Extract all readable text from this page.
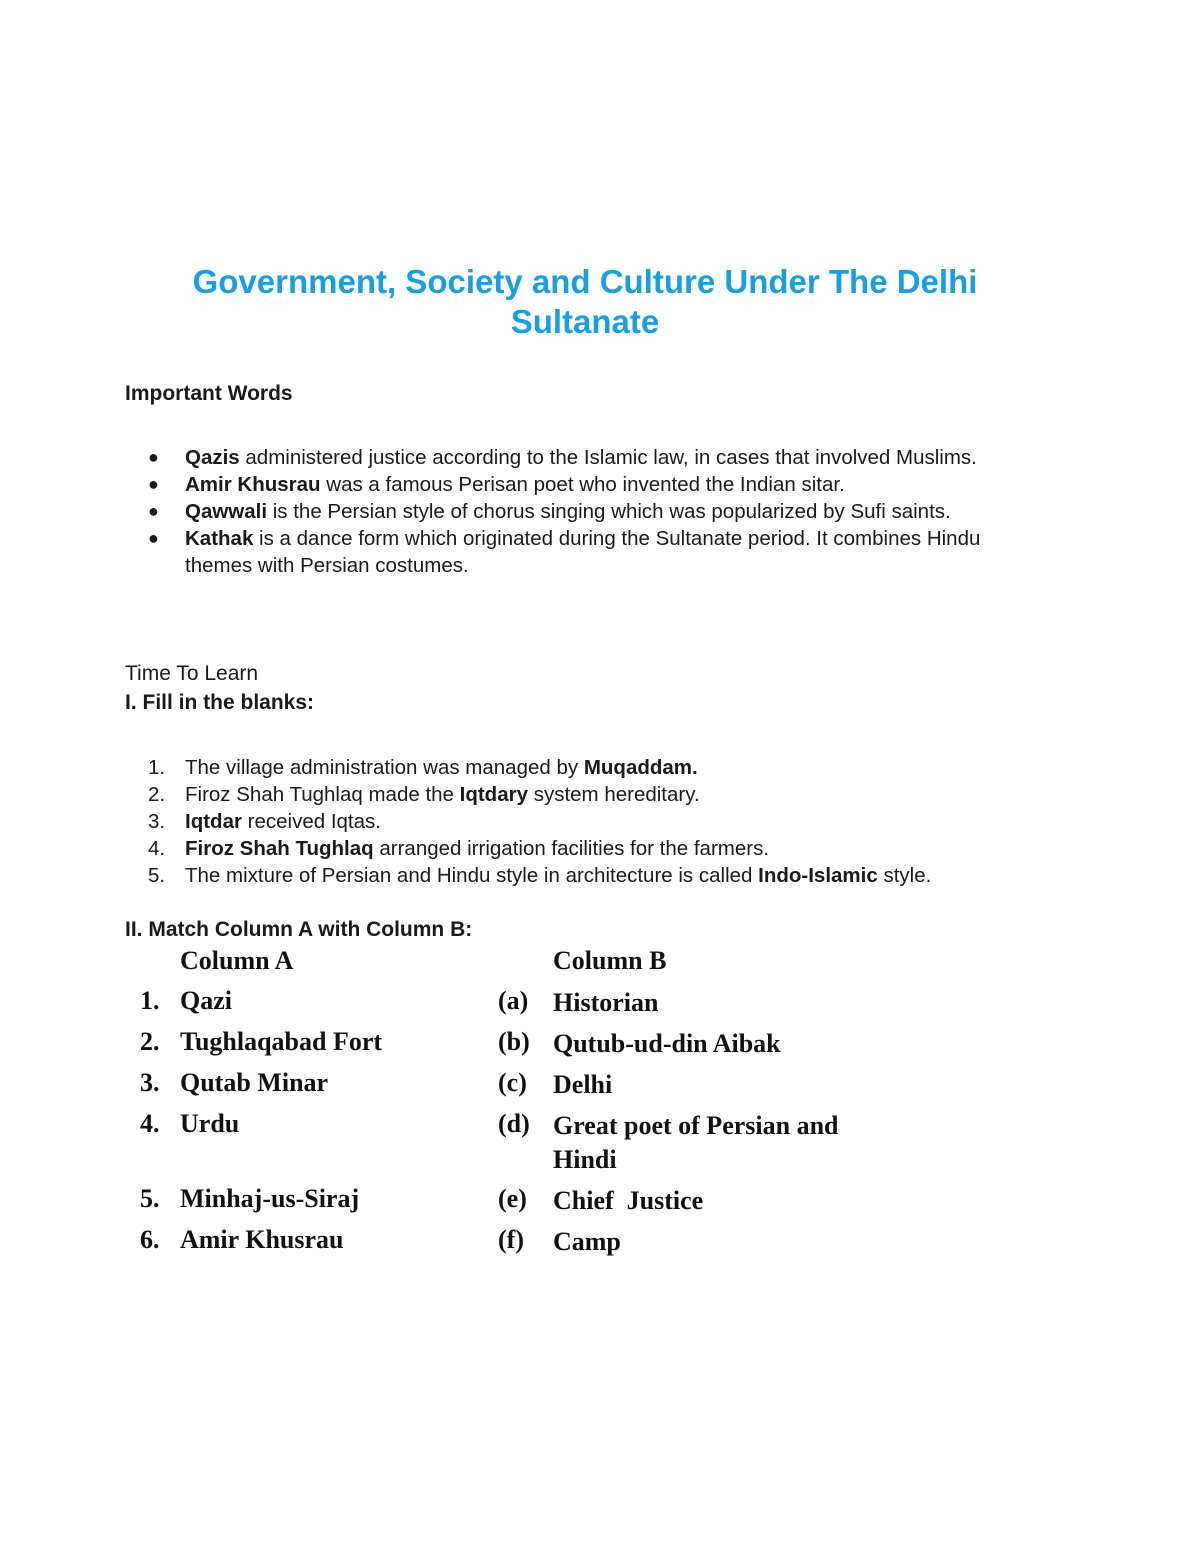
Government, Society and Culture Under The Delhi Sultanate
Important Words
● Qazis administered justice according to the Islamic law, in cases that involved Muslims.
● Amir Khusrau was a famous Perisan poet who invented the Indian sitar.
● Qawwali is the Persian style of chorus singing which was popularized by Sufi saints.
● Kathak is a dance form which originated during the Sultanate period. It combines Hindu themes with Persian costumes.
Time To Learn
I. Fill in the blanks:
1. The village administration was managed by Muqaddam.
2. Firoz Shah Tughlaq made the Iqtdary system hereditary.
3. Iqtdar received Iqtas.
4. Firoz Shah Tughlaq arranged irrigation facilities for the farmers.
5. The mixture of Persian and Hindu style in architecture is called Indo-Islamic style.
II. Match Column A with Column B:
Column A	Column B
1. Qazi	(a) Historian
2. Tughlaqabad Fort	(b) Qutub-ud-din Aibak
3. Qutab Minar	(c) Delhi
4. Urdu	(d) Great poet of Persian and Hindi
5. Minhaj-us-Siraj	(e) Chief  Justice
6. Amir Khusrau	(f) Camp
